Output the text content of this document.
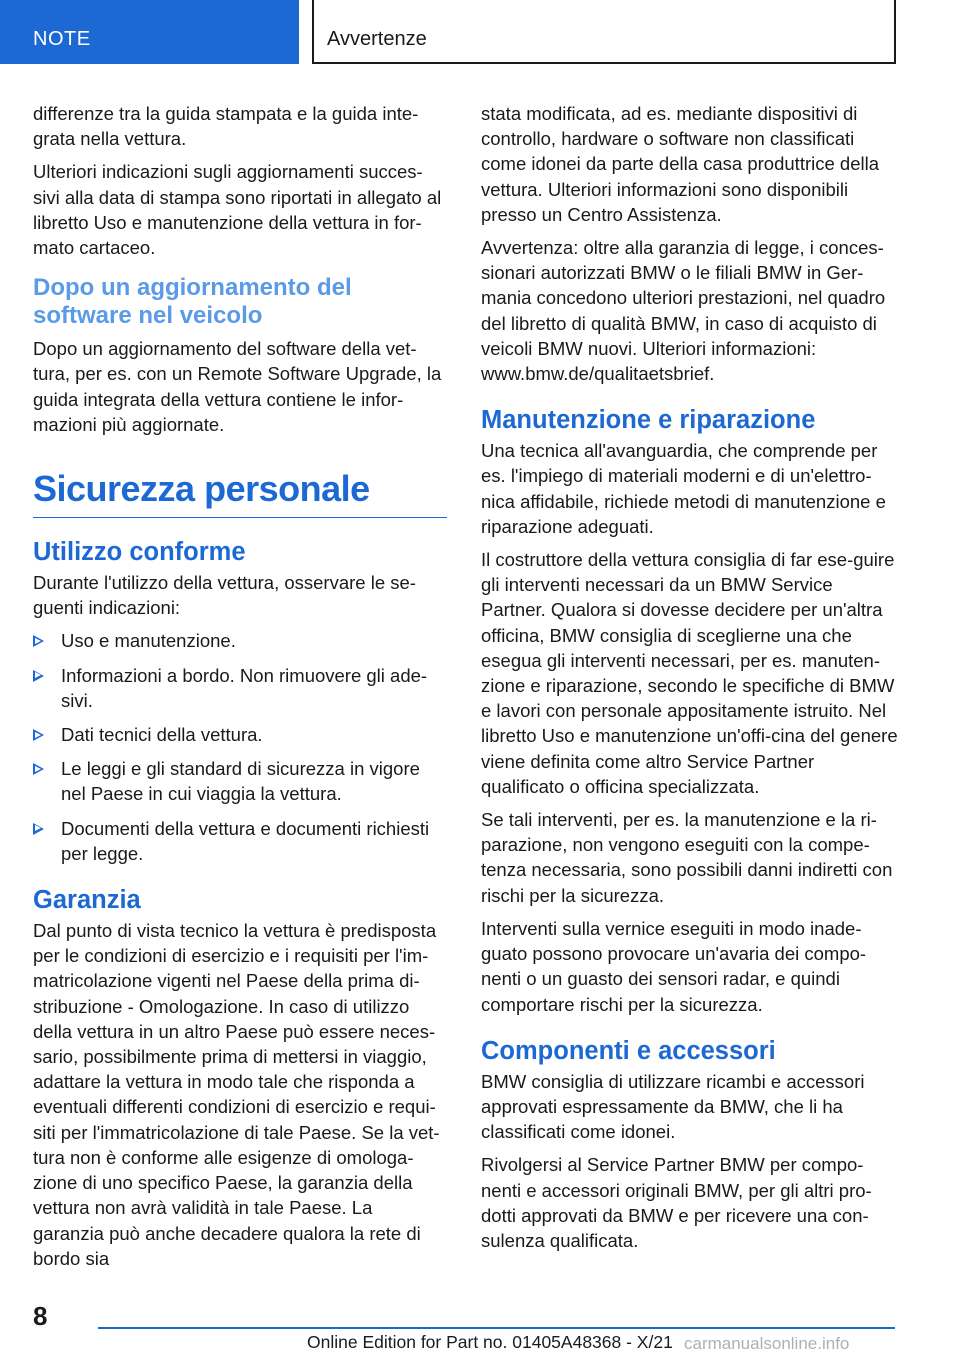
NOTE	Avvertenze

differenze tra la guida stampata e la guida inte-grata nella vettura.

Ulteriori indicazioni sugli aggiornamenti succes-sivi alla data di stampa sono riportati in allegato al libretto Uso e manutenzione della vettura in for-mato cartaceo.

Dopo un aggiornamento del software nel veicolo

Dopo un aggiornamento del software della vet-tura, per es. con un Remote Software Upgrade, la guida integrata della vettura contiene le infor-mazioni più aggiornate.

Sicurezza personale
Utilizzo conforme

Durante l'utilizzo della vettura, osservare le se-guenti indicazioni:

Uso e manutenzione.
Informazioni a bordo. Non rimuovere gli ade-sivi.
Dati tecnici della vettura.
Le leggi e gli standard di sicurezza in vigore nel Paese in cui viaggia la vettura.
Documenti della vettura e documenti richiesti per legge.
Garanzia

Dal punto di vista tecnico la vettura è predisposta per le condizioni di esercizio e i requisiti per l'im-matricolazione vigenti nel Paese della prima di-stribuzione - Omologazione. In caso di utilizzo della vettura in un altro Paese può essere neces-sario, possibilmente prima di mettersi in viaggio, adattare la vettura in modo tale che risponda a eventuali differenti condizioni di esercizio e requi-siti per l'immatricolazione di tale Paese. Se la vet-tura non è conforme alle esigenze di omologa-zione di uno specifico Paese, la garanzia della vettura non avrà validità in tale Paese. La garanzia può anche decadere qualora la rete di bordo sia

stata modificata, ad es. mediante dispositivi di controllo, hardware o software non classificati come idonei da parte della casa produttrice della vettura. Ulteriori informazioni sono disponibili presso un Centro Assistenza.

Avvertenza: oltre alla garanzia di legge, i conces-sionari autorizzati BMW o le filiali BMW in Ger-mania concedono ulteriori prestazioni, nel quadro del libretto di qualità BMW, in caso di acquisto di veicoli BMW nuovi. Ulteriori informazioni: www.bmw.de/qualitaetsbrief.

Manutenzione e riparazione

Una tecnica all'avanguardia, che comprende per es. l'impiego di materiali moderni e di un'elettro-nica affidabile, richiede metodi di manutenzione e riparazione adeguati.

Il costruttore della vettura consiglia di far ese-guire gli interventi necessari da un BMW Service Partner. Qualora si dovesse decidere per un'altra officina, BMW consiglia di sceglierne una che esegua gli interventi necessari, per es. manuten-zione e riparazione, secondo le specifiche di BMW e lavori con personale appositamente istruito. Nel libretto Uso e manutenzione un'offi-cina del genere viene definita come altro Service Partner qualificato o officina specializzata.

Se tali interventi, per es. la manutenzione e la ri-parazione, non vengono eseguiti con la compe-tenza necessaria, sono possibili danni indiretti con rischi per la sicurezza.

Interventi sulla vernice eseguiti in modo inade-guato possono provocare un'avaria dei compo-nenti o un guasto dei sensori radar, e quindi comportare rischi per la sicurezza.

Componenti e accessori

BMW consiglia di utilizzare ricambi e accessori approvati espressamente da BMW, che li ha classificati come idonei.

Rivolgersi al Service Partner BMW per compo-nenti e accessori originali BMW, per gli altri pro-dotti approvati da BMW e per ricevere una con-sulenza qualificata.

8
Online Edition for Part no. 01405A48368 - X/21 carmanualsonline.info
